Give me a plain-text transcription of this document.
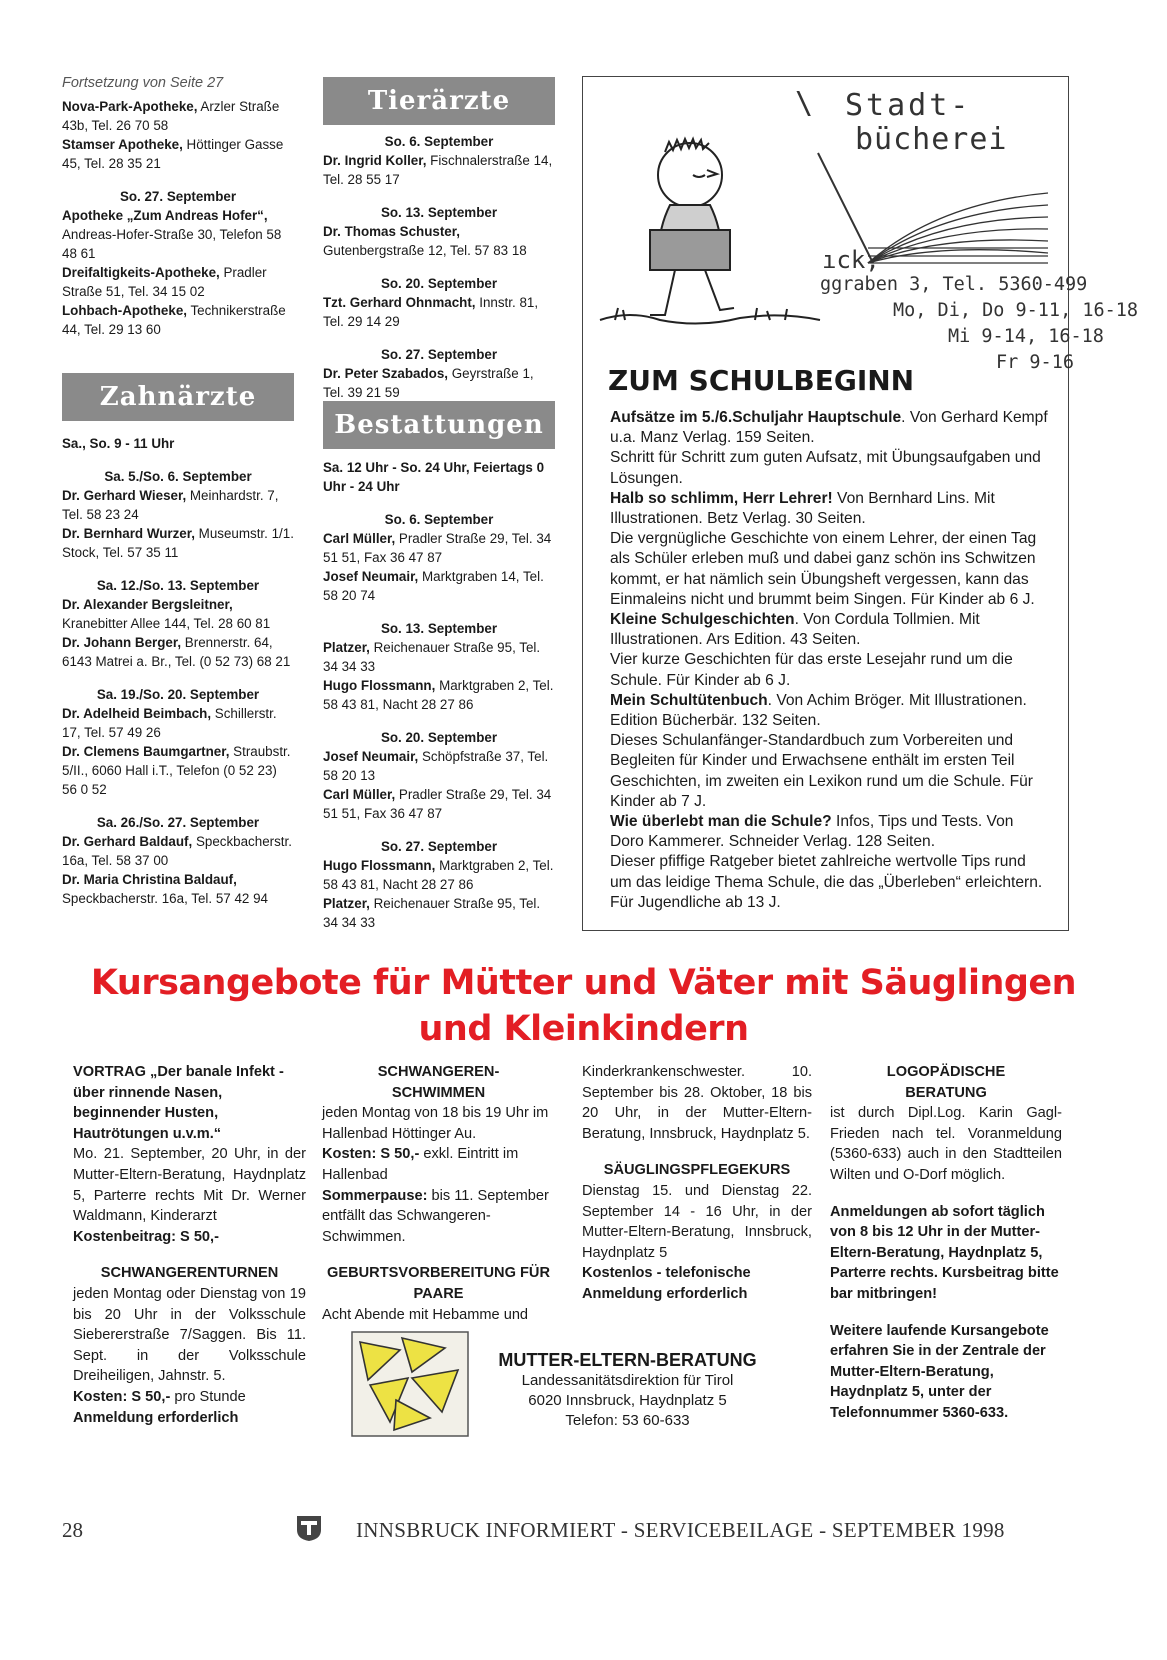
Fortsetzung von Seite 27

Nova-Park-Apotheke, Arzler Straße 43b, Tel. 26 70 58

Stamser Apotheke, Höttinger Gasse 45, Tel. 28 35 21

So. 27. September

Apotheke „Zum Andreas Hofer“, Andreas-Hofer-Straße 30, Telefon 58 48 61

Dreifaltigkeits-Apotheke, Pradler Straße 51, Tel. 34 15 02

Lohbach-Apotheke, Technikerstraße 44, Tel. 29 13 60

Zahnärzte

Sa., So. 9 - 11 Uhr

Sa. 5./So. 6. September

Dr. Gerhard Wieser, Meinhardstr. 7, Tel. 58 23 24

Dr. Bernhard Wurzer, Museumstr. 1/1. Stock, Tel. 57 35 11

Sa. 12./So. 13. September

Dr. Alexander Bergsleitner, Kranebitter Allee 144, Tel. 28 60 81

Dr. Johann Berger, Brennerstr. 64, 6143 Matrei a. Br., Tel. (0 52 73) 68 21

Sa. 19./So. 20. September

Dr. Adelheid Beimbach, Schillerstr. 17, Tel. 57 49 26

Dr. Clemens Baumgartner, Straubstr. 5/II., 6060 Hall i.T., Telefon (0 52 23) 56 0 52

Sa. 26./So. 27. September

Dr. Gerhard Baldauf, Speckbacherstr. 16a, Tel. 58 37 00

Dr. Maria Christina Baldauf, Speckbacherstr. 16a, Tel. 57 42 94

Tierärzte

So. 6. September

Dr. Ingrid Koller, Fischnalerstraße 14, Tel. 28 55 17

So. 13. September

Dr. Thomas Schuster, Gutenbergstraße 12, Tel. 57 83 18

So. 20. September

Tzt. Gerhard Ohnmacht, Innstr. 81, Tel. 29 14 29

So. 27. September

Dr. Peter Szabados, Geyrstraße 1, Tel. 39 21 59

Bestattungen

Sa. 12 Uhr - So. 24 Uhr, Feiertags 0 Uhr - 24 Uhr

So. 6. September

Carl Müller, Pradler Straße 29, Tel. 34 51 51, Fax 36 47 87

Josef Neumair, Marktgraben 14, Tel. 58 20 74

So. 13. September

Platzer, Reichenauer Straße 95, Tel. 34 34 33

Hugo Flossmann, Marktgraben 2, Tel. 58 43 81, Nacht 28 27 86

So. 20. September

Josef Neumair, Schöpfstraße 37, Tel. 58 20 13

Carl Müller, Pradler Straße 29, Tel. 34 51 51, Fax 36 47 87

So. 27. September

Hugo Flossmann, Marktgraben 2, Tel. 58 43 81, Nacht 28 27 86

Platzer, Reichenauer Straße 95, Tel. 34 34 33

Stadt-
bücherei
\
ıck,
ggraben 3, Tel. 5360-499
Mo, Di, Do 9-11, 16-18
Mi 9-14, 16-18
Fr 9-16
ZUM SCHULBEGINN

Aufsätze im 5./6.Schuljahr Hauptschule. Von Gerhard Kempf u.a. Manz Verlag. 159 Seiten.

Schritt für Schritt zum guten Aufsatz, mit Übungsaufgaben und Lösungen.

Halb so schlimm, Herr Lehrer! Von Bernhard Lins. Mit Illustrationen. Betz Verlag. 30 Seiten.

Die vergnügliche Geschichte von einem Lehrer, der einen Tag als Schüler erleben muß und dabei ganz schön ins Schwitzen kommt, er hat nämlich sein Übungsheft vergessen, kann das Einmaleins nicht und brummt beim Singen. Für Kinder ab 6 J.

Kleine Schulgeschichten. Von Cordula Tollmien. Mit Illustrationen. Ars Edition. 43 Seiten.

Vier kurze Geschichten für das erste Lesejahr rund um die Schule. Für Kinder ab 6 J.

Mein Schultütenbuch. Von Achim Bröger. Mit Illustrationen. Edition Bücherbär. 132 Seiten.

Dieses Schulanfänger-Standardbuch zum Vorbereiten und Begleiten für Kinder und Erwachsene enthält im ersten Teil Geschichten, im zweiten ein Lexikon rund um die Schule. Für Kinder ab 7 J.

Wie überlebt man die Schule? Infos, Tips und Tests. Von Doro Kammerer. Schneider Verlag. 128 Seiten.

Dieser pfiffige Ratgeber bietet zahlreiche wertvolle Tips rund um das leidige Thema Schule, die das „Überleben“ erleichtern. Für Jugendliche ab 13 J.

Kursangebote für Mütter und Väter mit Säuglingen
und Kleinkindern

VORTRAG „Der banale Infekt - über rinnende Nasen, beginnender Husten, Hautrötungen u.v.m.“

Mo. 21. September, 20 Uhr, in der Mutter-Eltern-Beratung, Haydnplatz 5, Parterre rechts Mit Dr. Werner Waldmann, Kinderarzt

Kostenbeitrag: S 50,-

SCHWANGERENTURNEN

jeden Montag oder Dienstag von 19 bis 20 Uhr in der Volksschule Siebererstraße 7/Saggen. Bis 11. Sept. in der Volksschule Dreiheiligen, Jahnstr. 5.

Kosten: S 50,- pro Stunde

Anmeldung erforderlich

SCHWANGEREN-SCHWIMMEN

jeden Montag von 18 bis 19 Uhr im Hallenbad Höttinger Au.

Kosten: S 50,- exkl. Eintritt im Hallenbad

Sommerpause: bis 11. September entfällt das Schwangeren-Schwimmen.

GEBURTSVORBEREITUNG FÜR PAARE

Acht Abende mit Hebamme und

Kinderkrankenschwester. 10. September bis 28. Oktober, 18 bis 20 Uhr, in der Mutter-Eltern-Beratung, Innsbruck, Haydnplatz 5.

SÄUGLINGSPFLEGEKURS

Dienstag 15. und Dienstag 22. September 14 - 16 Uhr, in der Mutter-Eltern-Beratung, Innsbruck, Haydnplatz 5

Kostenlos - telefonische Anmeldung erforderlich

LOGOPÄDISCHE BERATUNG

ist durch Dipl.Log. Karin Gagl-Frieden nach tel. Voranmeldung (5360-633) auch in den Stadtteilen Wilten und O-Dorf möglich.

Anmeldungen ab sofort täglich von 8 bis 12 Uhr in der Mutter-Eltern-Beratung, Haydnplatz 5, Parterre rechts. Kursbeitrag bitte bar mitbringen!

Weitere laufende Kursangebote erfahren Sie in der Zentrale der Mutter-Eltern-Beratung, Haydnplatz 5, unter der Telefonnummer 5360-633.

MUTTER-ELTERN-BERATUNG
Landessanitätsdirektion für Tirol
6020 Innsbruck, Haydnplatz 5
Telefon: 53 60-633
28	INNSBRUCK INFORMIERT - SERVICEBEILAGE - SEPTEMBER 1998
